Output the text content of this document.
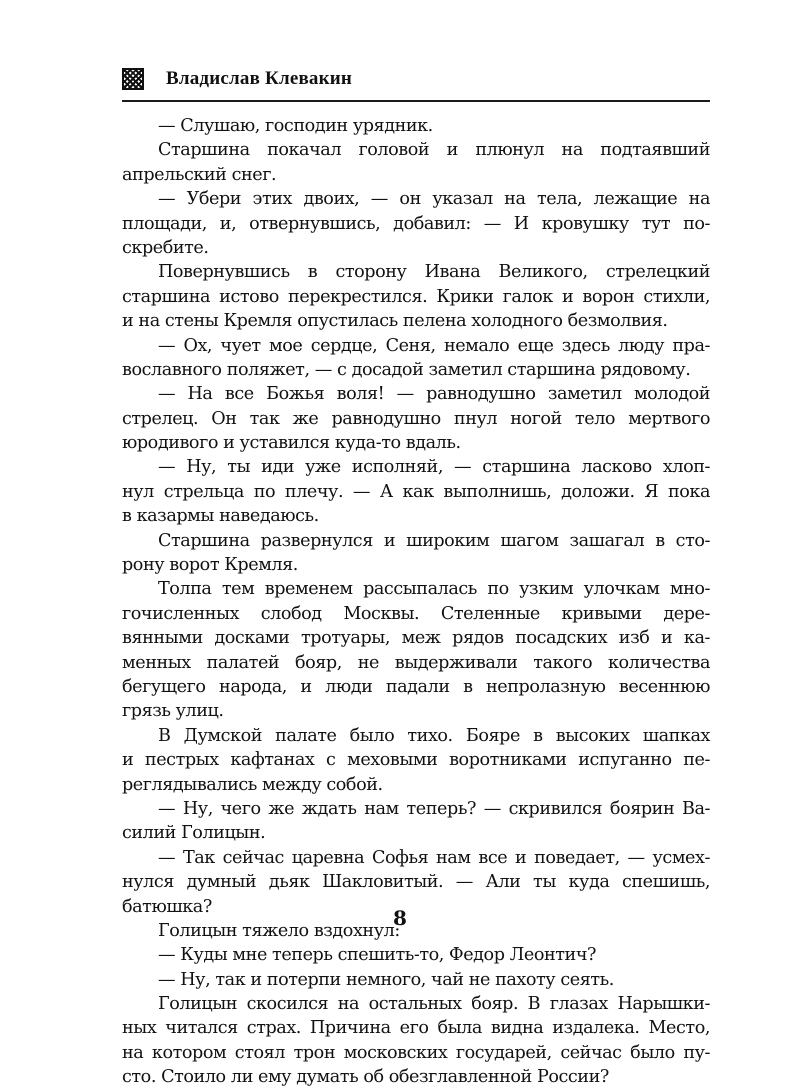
Владислав Клевакин
— Слушаю, господин урядник.
Старшина покачал головой и плюнул на подтаявший
апрельский снег.
— Убери этих двоих, — он указал на тела, лежащие на
площади, и, отвернувшись, добавил: — И кровушку тут по-
скребите.
Повернувшись в сторону Ивана Великого, стрелецкий
старшина истово перекрестился. Крики галок и ворон стихли,
и на стены Кремля опустилась пелена холодного безмолвия.
— Ох, чует мое сердце, Сеня, немало еще здесь люду пра-
вославного поляжет, — с досадой заметил старшина рядовому.
— На все Божья воля! — равнодушно заметил молодой
стрелец. Он так же равнодушно пнул ногой тело мертвого
юродивого и уставился куда-то вдаль.
— Ну, ты иди уже исполняй, — старшина ласково хлоп-
нул стрельца по плечу. — А как выполнишь, доложи. Я пока
в казармы наведаюсь.
Старшина развернулся и широким шагом зашагал в сто-
рону ворот Кремля.
Толпа тем временем рассыпалась по узким улочкам мно-
гочисленных слобод Москвы. Стеленные кривыми дере-
вянными досками тротуары, меж рядов посадских изб и ка-
менных палатей бояр, не выдерживали такого количества
бегущего народа, и люди падали в непролазную весеннюю
грязь улиц.
В Думской палате было тихо. Бояре в высоких шапках
и пестрых кафтанах с меховыми воротниками испуганно пе-
реглядывались между собой.
— Ну, чего же ждать нам теперь? — скривился боярин Ва-
силий Голицын.
— Так сейчас царевна Софья нам все и поведает, — усмех-
нулся думный дьяк Шакловитый. — Али ты куда спешишь,
батюшка?
Голицын тяжело вздохнул:
— Куды мне теперь спешить-то, Федор Леонтич?
— Ну, так и потерпи немного, чай не пахоту сеять.
Голицын скосился на остальных бояр. В глазах Нарышки-
ных читался страх. Причина его была видна издалека. Место,
на котором стоял трон московских государей, сейчас было пу-
сто. Стоило ли ему думать об обезглавленной России?
8
